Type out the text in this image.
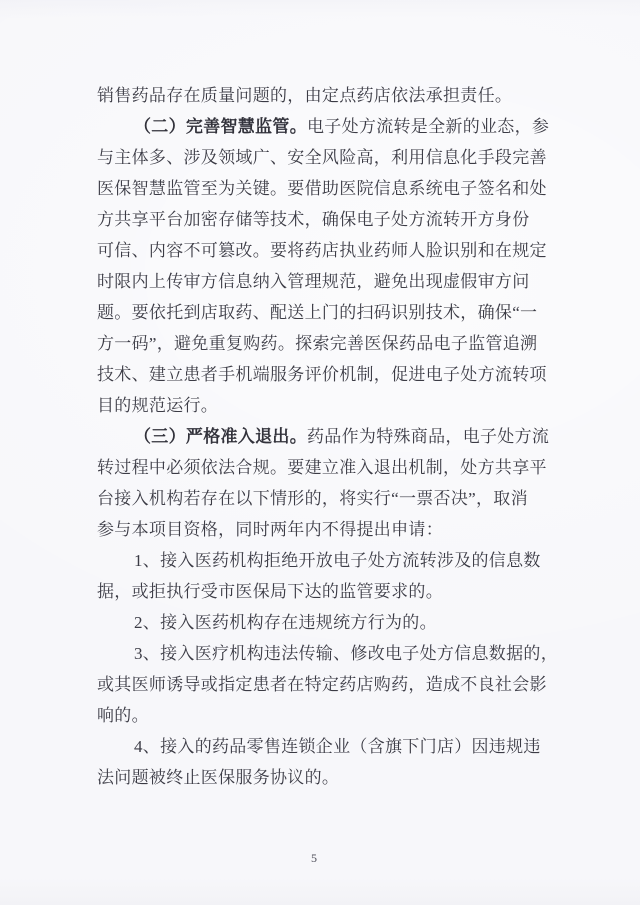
销售药品存在质量问题的，由定点药店依法承担责任。
（二）完善智慧监管。电子处方流转是全新的业态，参
与主体多、涉及领域广、安全风险高，利用信息化手段完善
医保智慧监管至为关键。要借助医院信息系统电子签名和处
方共享平台加密存储等技术，确保电子处方流转开方身份
可信、内容不可篡改。要将药店执业药师人脸识别和在规定
时限内上传审方信息纳入管理规范，避免出现虚假审方问
题。要依托到店取药、配送上门的扫码识别技术，确保“一
方一码”，避免重复购药。探索完善医保药品电子监管追溯
技术、建立患者手机端服务评价机制，促进电子处方流转项
目的规范运行。
（三）严格准入退出。药品作为特殊商品，电子处方流
转过程中必须依法合规。要建立准入退出机制，处方共享平
台接入机构若存在以下情形的，将实行“一票否决”，取消
参与本项目资格，同时两年内不得提出申请：
1、接入医药机构拒绝开放电子处方流转涉及的信息数
据，或拒执行受市医保局下达的监管要求的。
2、接入医药机构存在违规统方行为的。
3、接入医疗机构违法传输、修改电子处方信息数据的，
或其医师诱导或指定患者在特定药店购药，造成不良社会影
响的。
4、接入的药品零售连锁企业（含旗下门店）因违规违
法问题被终止医保服务协议的。
5
